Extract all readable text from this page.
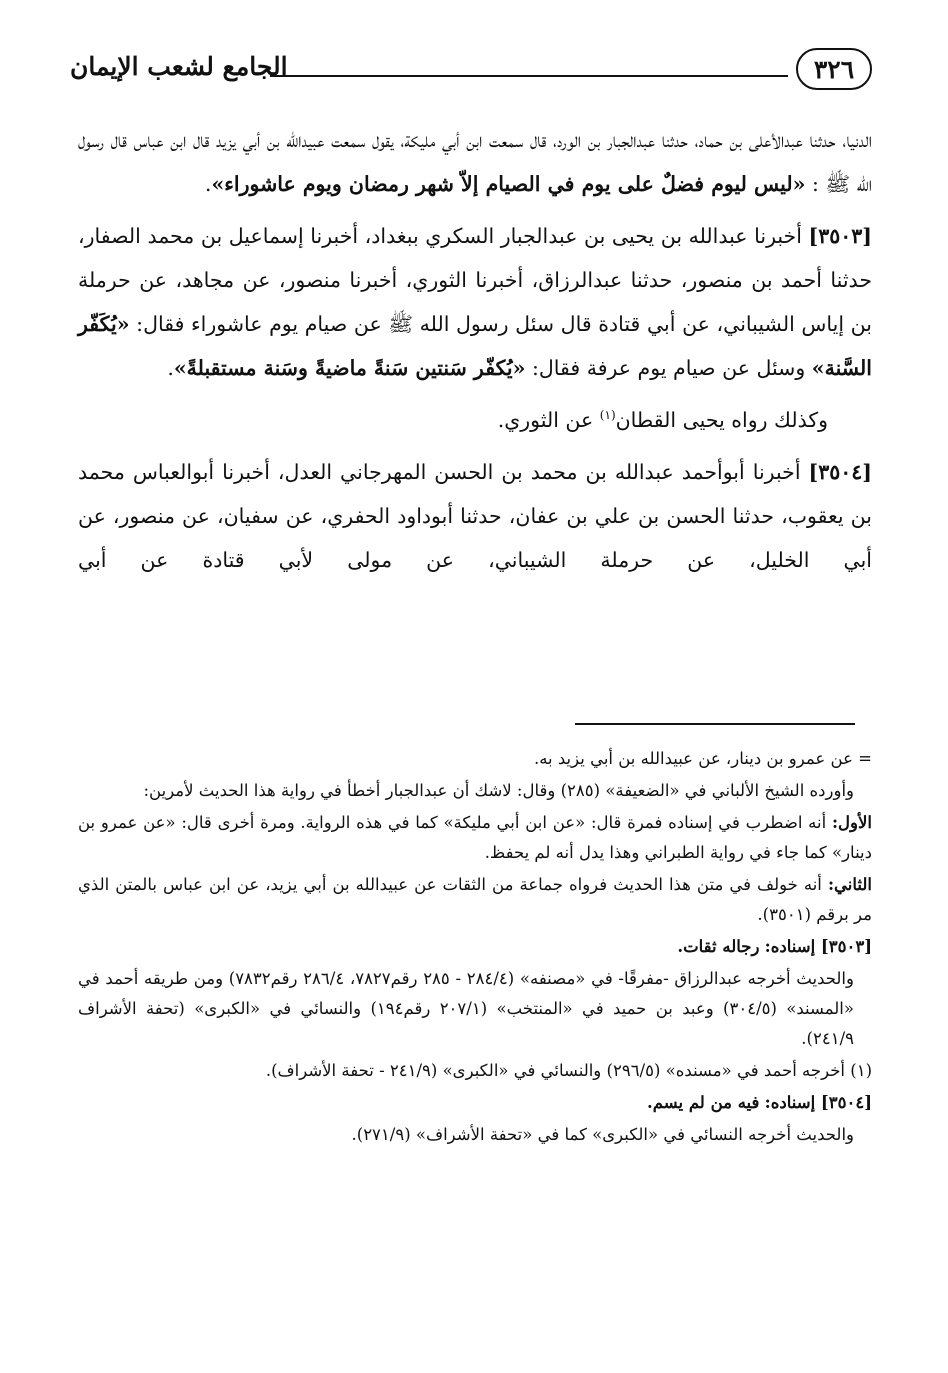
الجامع لشعب الإيمان	٣٢٦

الدنيا، حدثنا عبدالأعلى بن حماد، حدثنا عبدالجبار بن الورد، قال سمعت ابن أبي مليكة، يقول سمعت عبيدالله بن أبي يزيد قال ابن عباس قال رسول الله ﷺ : «ليس ليوم فضلٌ على يوم في الصيام إلاّ شهر رمضان ويوم عاشوراء».

[٣٥٠٣] أخبرنا عبدالله بن يحيى بن عبدالجبار السكري ببغداد، أخبرنا إسماعيل بن محمد الصفار، حدثنا أحمد بن منصور، حدثنا عبدالرزاق، أخبرنا الثوري، أخبرنا منصور، عن مجاهد، عن حرملة بن إياس الشيباني، عن أبي قتادة قال سئل رسول الله ﷺ عن صيام يوم عاشوراء فقال: «يُكَفّر السَّنة» وسئل عن صيام يوم عرفة فقال: «يُكفّر سَنتين سَنةً ماضيةً وسَنة مستقبلةً».

وكذلك رواه يحيى القطان$^{(١)}$ عن الثوري.

[٣٥٠٤] أخبرنا أبوأحمد عبدالله بن محمد بن الحسن المهرجاني العدل، أخبرنا أبوالعباس محمد بن يعقوب، حدثنا الحسن بن علي بن عفان، حدثنا أبوداود الحفري، عن سفيان، عن منصور، عن أبي الخليل، عن حرملة الشيباني، عن مولى لأبي قتادة عن أبي

= عن عمرو بن دينار، عن عبيدالله بن أبي يزيد به.

وأورده الشيخ الألباني في «الضعيفة» (٢٨٥) وقال: لاشك أن عبدالجبار أخطأ في رواية هذا الحديث لأمرين:

الأول: أنه اضطرب في إسناده فمرة قال: «عن ابن أبي مليكة» كما في هذه الرواية. ومرة أخرى قال: «عن عمرو بن دينار» كما جاء في رواية الطبراني وهذا يدل أنه لم يحفظ.

الثاني: أنه خولف في متن هذا الحديث فرواه جماعة من الثقات عن عبيدالله بن أبي يزيد، عن ابن عباس بالمتن الذي مر برقم (٣٥٠١).

[٣٥٠٣] إسناده: رجاله ثقات.

والحديث أخرجه عبدالرزاق -مفرقًا- في «مصنفه» (٢٨٤/٤ - ٢٨٥ رقم٧٨٢٧، ٢٨٦/٤ رقم٧٨٣٢) ومن طريقه أحمد في «المسند» (٣٠٤/٥) وعبد بن حميد في «المنتخب» (٢٠٧/١ رقم١٩٤) والنسائي في «الكبرى» (تحفة الأشراف ٢٤١/٩).

(١) أخرجه أحمد في «مسنده» (٢٩٦/٥) والنسائي في «الكبرى» (٢٤١/٩ - تحفة الأشراف).

[٣٥٠٤] إسناده: فيه من لم يسم.

والحديث أخرجه النسائي في «الكبرى» كما في «تحفة الأشراف» (٢٧١/٩).
